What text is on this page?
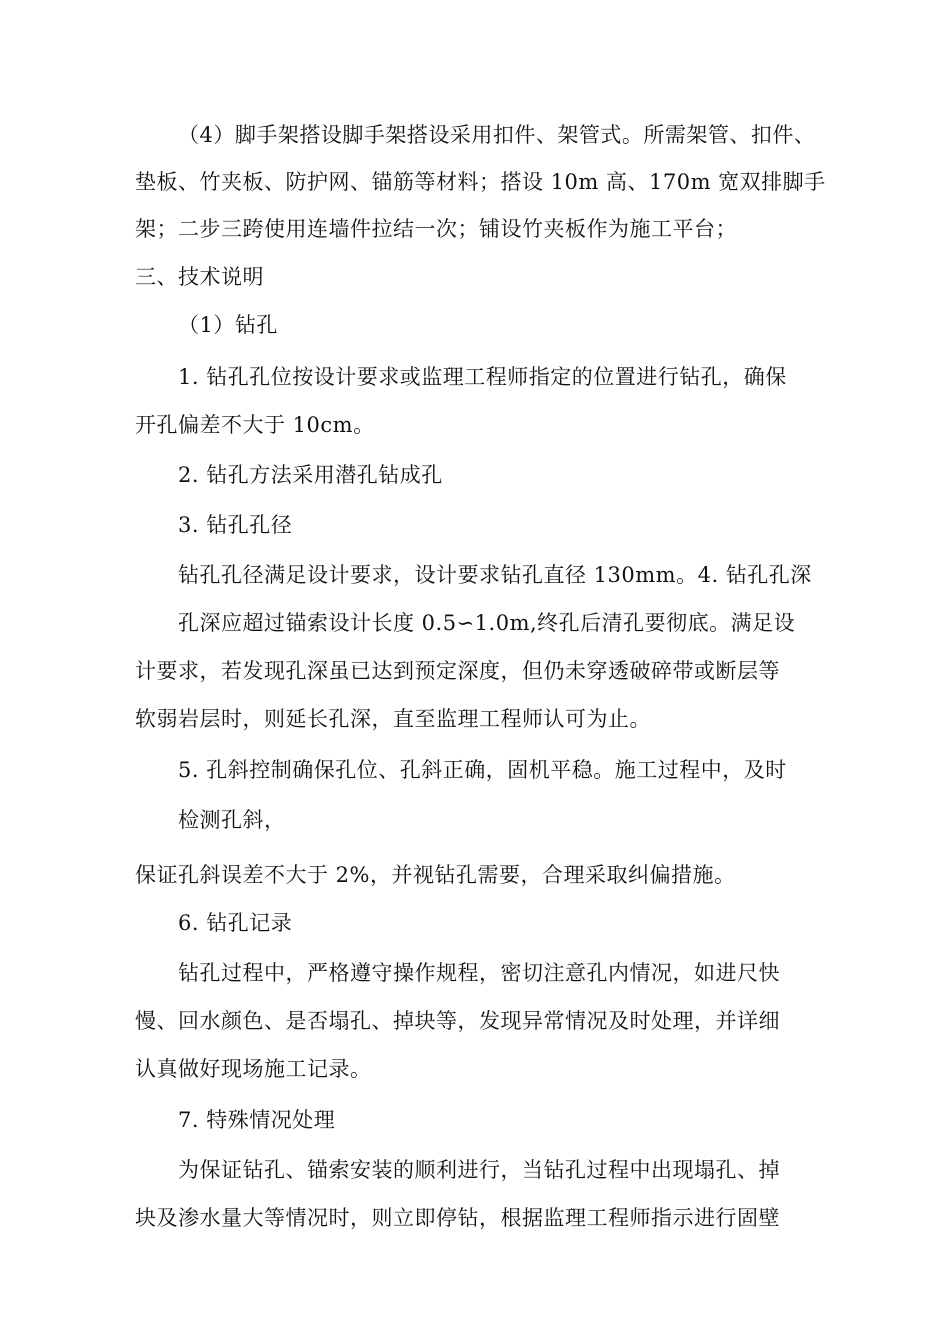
（4）脚手架搭设脚手架搭设采用扣件、架管式。所需架管、扣件、
垫板、竹夹板、防护网、锚筋等材料；搭设 10m 高、170m 宽双排脚手
架；二步三跨使用连墙件拉结一次；铺设竹夹板作为施工平台；
三、技术说明
（1）钻孔
1. 钻孔孔位按设计要求或监理工程师指定的位置进行钻孔，确保
开孔偏差不大于 10cm。
2. 钻孔方法采用潜孔钻成孔
3. 钻孔孔径
钻孔孔径满足设计要求，设计要求钻孔直径 130mm。4. 钻孔孔深
孔深应超过锚索设计长度 0.5∽1.0m,终孔后清孔要彻底。满足设
计要求，若发现孔深虽已达到预定深度，但仍未穿透破碎带或断层等
软弱岩层时，则延长孔深，直至监理工程师认可为止。
5. 孔斜控制确保孔位、孔斜正确，固机平稳。施工过程中，及时
检测孔斜，
保证孔斜误差不大于 2%，并视钻孔需要，合理采取纠偏措施。
6. 钻孔记录
钻孔过程中，严格遵守操作规程，密切注意孔内情况，如进尺快
慢、回水颜色、是否塌孔、掉块等，发现异常情况及时处理，并详细
认真做好现场施工记录。
7. 特殊情况处理
为保证钻孔、锚索安装的顺利进行，当钻孔过程中出现塌孔、掉
块及渗水量大等情况时，则立即停钻，根据监理工程师指示进行固壁
